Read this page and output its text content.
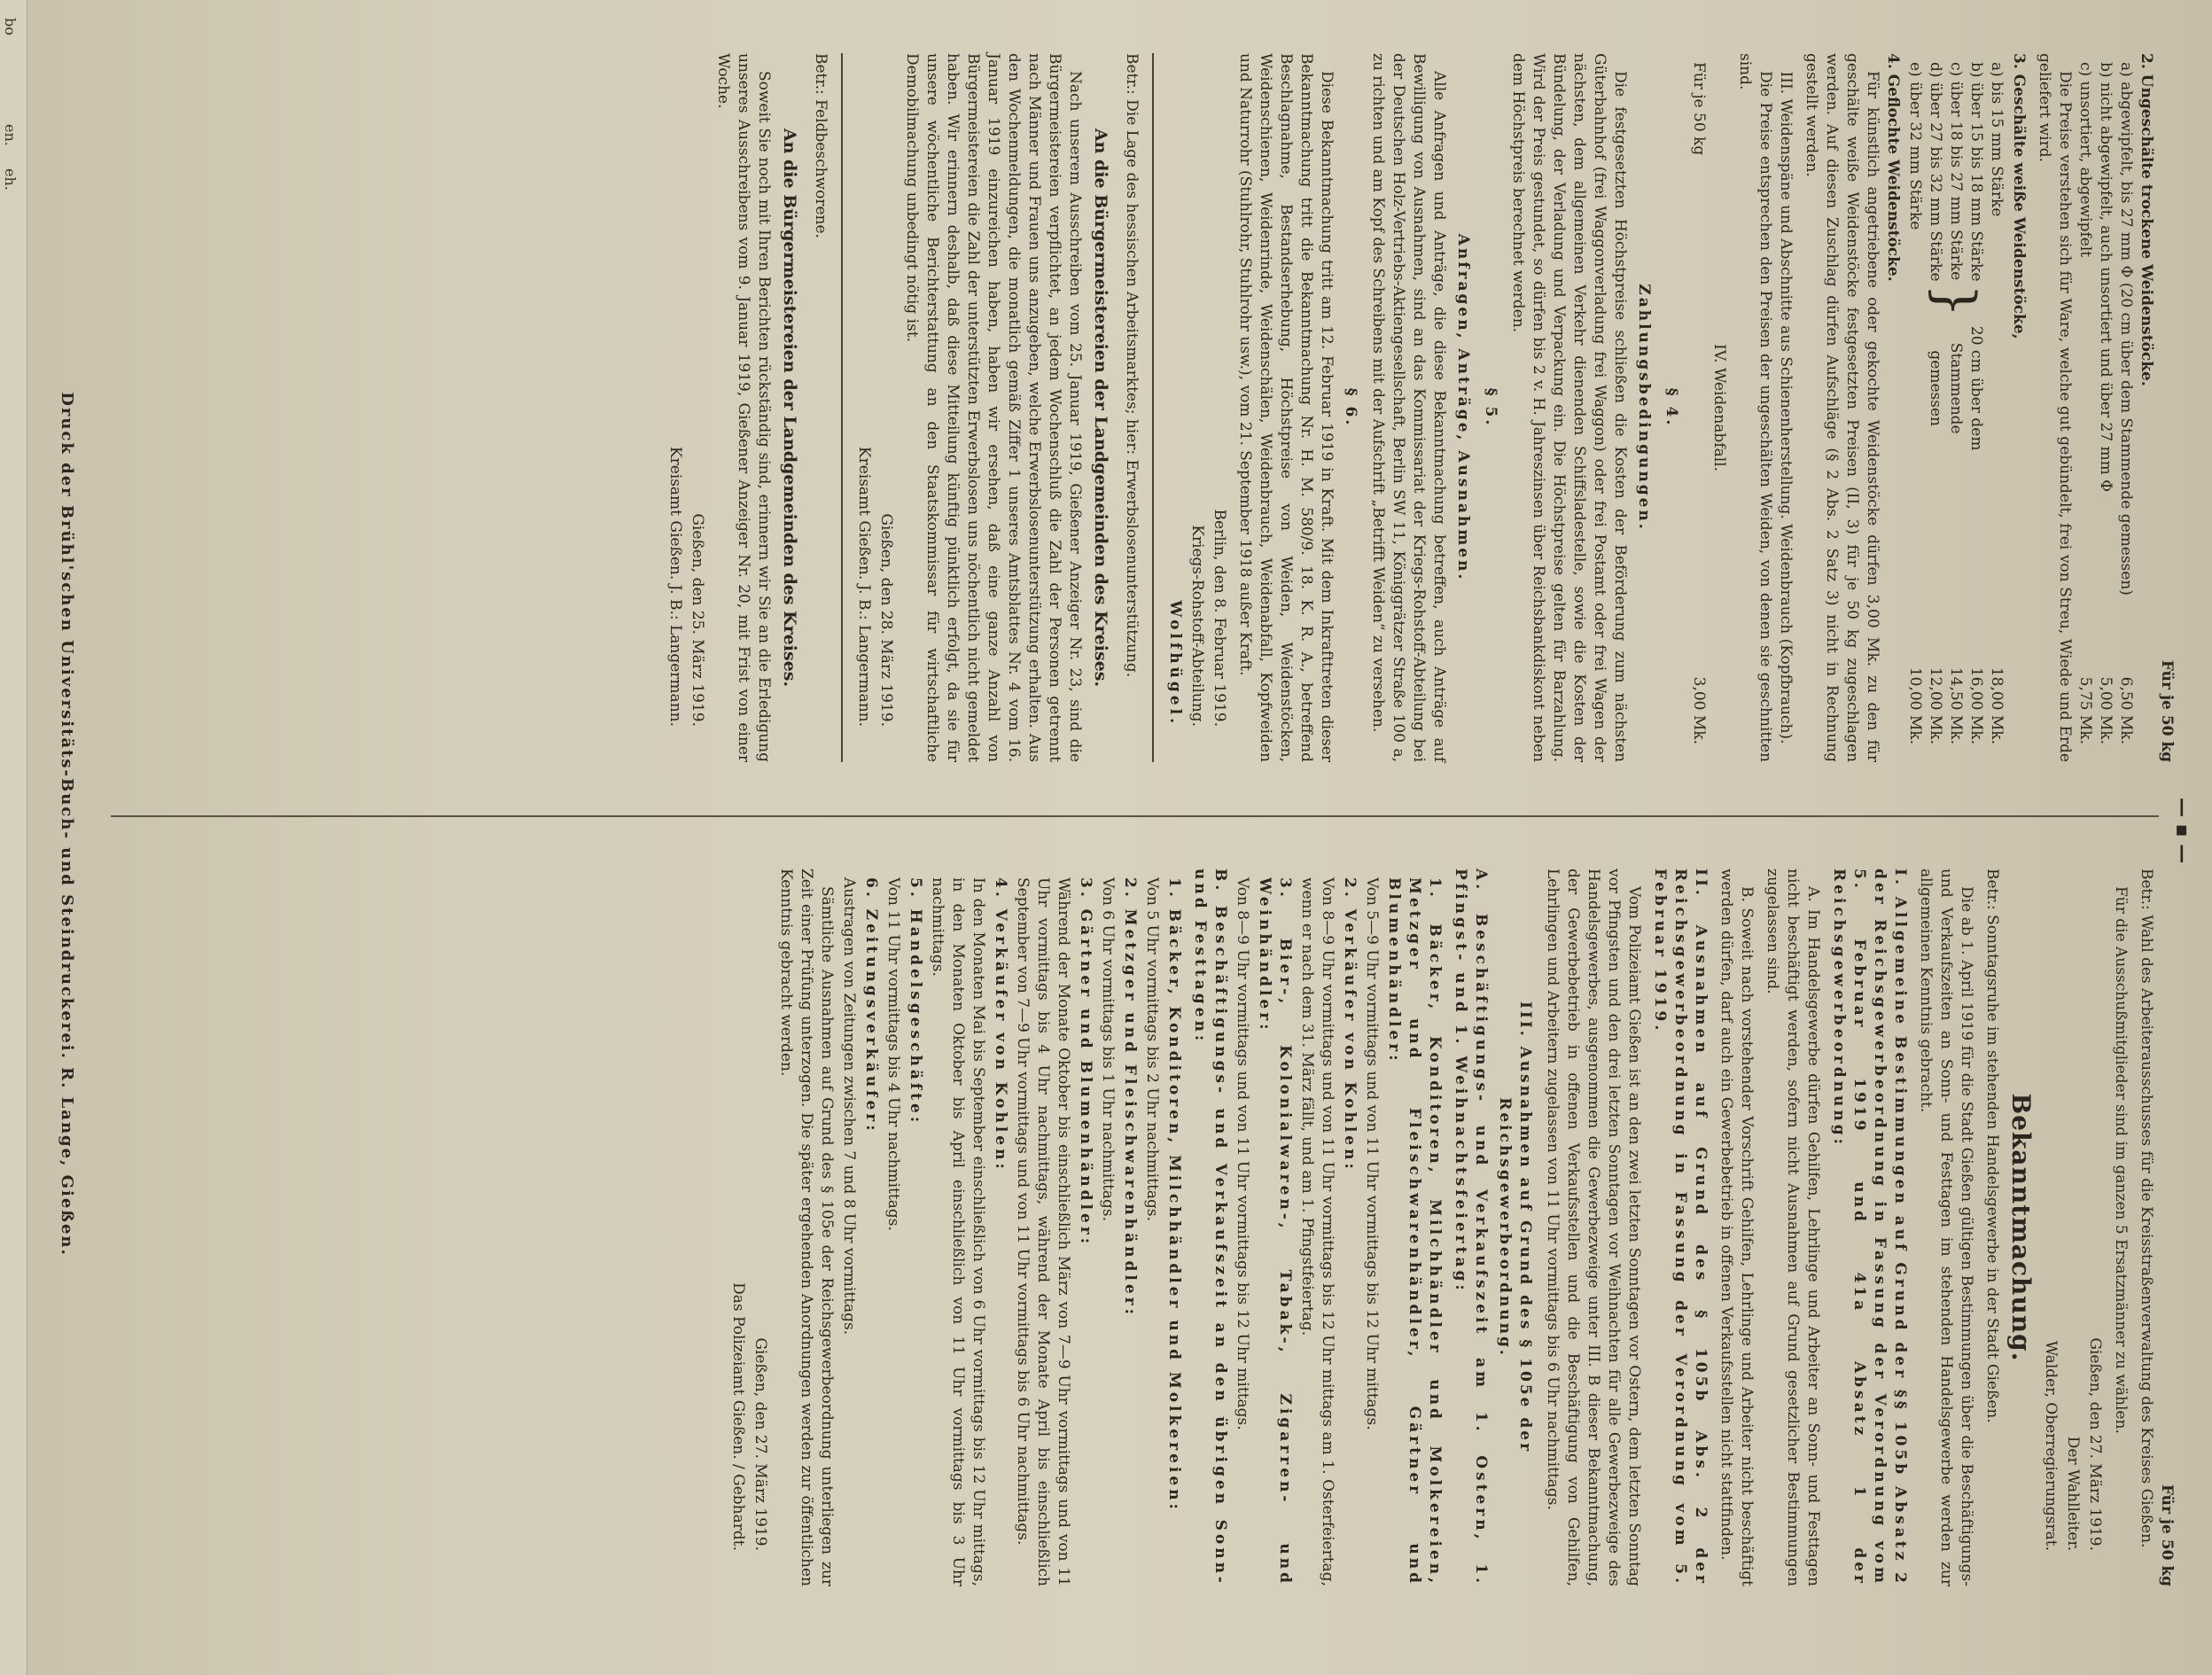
bo
en.
eh.
— ▪ —
Für je 50 kg
2. Ungeschälte trockene Weidenstöcke.
a) abgewipfelt, bis 27 mm Φ (20 cm über dem Stammende gemessen)
6,50 Mk.
b) nicht abgewipfelt, auch unsortiert und über 27 mm Φ
5,00 Mk.
c) unsortiert, abgewipfelt
5,75 Mk.

Die Preise verstehen sich für Ware, welche gut gebündelt, frei von Streu, Wiede und Erde geliefert wird.

3. Geschälte weiße Weidenstöcke,
a) bis 15 mm Stärke
b) über 15 bis 18 mm Stärke
c) über 18 bis 27 mm Stärke
d) über 27 bis 32 mm Stärke
e) über 32 mm Stärke
}
20 cm über dem Stammende gemessen
18,00 Mk.
16,00 Mk.
14,50 Mk.
12,00 Mk.
10,00 Mk.
4. Geflochte Weidenstöcke.

Für künstlich angetriebene oder gekochte Weidenstöcke dürfen 3,00 Mk. zu den für geschälte weiße Weidenstöcke festgesetzten Preisen (II, 3) für je 50 kg zugeschlagen werden. Auf diesen Zuschlag dürfen Aufschläge (§ 2 Abs. 2 Satz 3) nicht in Rechnung gestellt werden.

III. Weidenspäne und Abschnitte aus Schienenherstellung. Weidenbrauch (Kopfbrauch).

Die Preise entsprechen den Preisen der ungeschälten Weiden, von denen sie geschnitten sind.

IV. Weidenabfall.
Für je 50 kg
3,00 Mk.
§ 4.
Zahlungsbedingungen.

Die festgesetzten Höchstpreise schließen die Kosten der Beförderung zum nächsten Güterbahnhof (frei Waggonverladung frei Waggon) oder frei Postamt oder frei Wagen der nächsten, dem allgemeinen Verkehr dienenden Schiffsladestelle, sowie die Kosten der Bündelung, der Verladung und Verpackung ein. Die Höchstpreise gelten für Barzahlung. Wird der Preis gestundet, so dürfen bis 2 v. H. Jahreszinsen über Reichsbankdiskont neben dem Höchstpreis berechnet werden.

§ 5.
Anfragen, Anträge, Ausnahmen.

Alle Anfragen und Anträge, die diese Bekanntmachung betreffen, auch Anträge auf Bewilligung von Ausnahmen, sind an das Kommissariat der Kriegs-Rohstoff-Abteilung bei der Deutschen Holz-Vertriebs-Aktiengesellschaft, Berlin SW 11, Königgrätzer Straße 100 a, zu richten und am Kopf des Schreibens mit der Aufschrift „Betrifft Weiden“ zu versehen.

§ 6.

Diese Bekanntmachung tritt am 12. Februar 1919 in Kraft. Mit dem Inkrafttreten dieser Bekanntmachung tritt die Bekanntmachung Nr. H. M. 580/9. 18. K. R. A., betreffend Beschlagnahme, Bestandserhebung, Höchstpreise von Weiden, Weidenstöcken, Weidenschienen, Weidenrinde, Weidenschälen, Weidenbrauch, Weidenabfall, Kopfweiden und Naturrohr (Stuhlrohr, Stuhlrohr usw.), vom 21. September 1918 außer Kraft.

Berlin, den 8. Februar 1919.
Kriegs-Rohstoff-Abteilung.
Wolfhügel.

Betr.: Die Lage des hessischen Arbeitsmarktes; hier: Erwerbslosenunterstützung.

An die Bürgermeistereien der Landgemeinden des Kreises.

Nach unserem Ausschreiben vom 25. Januar 1919, Gießener Anzeiger Nr. 23, sind die Bürgermeistereien verpflichtet, an jedem Wochenschluß die Zahl der Personen getrennt nach Männer und Frauen uns anzugeben, welche Erwerbslosenunterstützung erhalten. Aus den Wochenmeldungen, die monatlich gemäß Ziffer 1 unseres Amtsblattes Nr. 4 vom 16. Januar 1919 einzureichen haben, haben wir ersehen, daß eine ganze Anzahl von Bürgermeistereien die Zahl der unterstützten Erwerbslosen uns nöchentlich nicht gemeldet haben. Wir erinnern deshalb, daß diese Mitteilung künftig pünktlich erfolgt, da sie für unsere wöchentliche Berichterstattung an den Staatskommissar für wirtschaftliche Demobilmachung unbedingt nötig ist.

Gießen, den 28. März 1919.
Kreisamt Gießen. J. B.: Langermann.

Betr.: Feldbeschworene.

An die Bürgermeistereien der Landgemeinden des Kreises.

Soweit Sie noch mit Ihren Berichten rückständig sind, erinnern wir Sie an die Erledigung unseres Ausschreibens vom 9. Januar 1919, Gießener Anzeiger Nr. 20, mit Frist von einer Woche.

Gießen, den 25. März 1919.
Kreisamt Gießen. J. B.: Langermann.
Für je 50 kg

Betr.: Wahl des Arbeiterausschusses für die Kreisstraßenverwaltung des Kreises Gießen.

Für die Ausschußmitglieder sind im ganzen 5 Ersatzmänner zu wählen.

Gießen, den 27. März 1919.
Der Wahlleiter.
Walder, Oberregierungsrat.
Bekanntmachung.

Betr.: Sonntagsruhe im stehenden Handelsgewerbe in der Stadt Gießen.

Die ab 1. April 1919 für die Stadt Gießen gültigen Bestimmungen über die Beschäftigungs- und Verkaufszeiten an Sonn- und Festtagen im stehenden Handelsgewerbe werden zur allgemeinen Kenntnis gebracht.

I. Allgemeine Bestimmungen auf Grund der §§ 105b Absatz 2 der Reichsgewerbeordnung in Fassung der Verordnung vom 5. Februar 1919 und 41a Absatz 1 der Reichsgewerbeordnung:

A. Im Handelsgewerbe dürfen Gehilfen, Lehrlinge und Arbeiter an Sonn- und Festtagen nicht beschäftigt werden, sofern nicht Ausnahmen auf Grund gesetzlicher Bestimmungen zugelassen sind.

B. Soweit nach vorstehender Vorschrift Gehilfen, Lehrlinge und Arbeiter nicht beschäftigt werden dürfen, darf auch ein Gewerbebetrieb in offenen Verkaufsstellen nicht stattfinden.

II. Ausnahmen auf Grund des § 105b Abs. 2 der Reichsgewerbeordnung in Fassung der Verordnung vom 5. Februar 1919.

Vom Polizeiamt Gießen ist an den zwei letzten Sonntagen vor Ostern, dem letzten Sonntag vor Pfingsten und den drei letzten Sonntagen vor Weihnachten für alle Gewerbezweige des Handelsgewerbes, ausgenommen die Gewerbezweige unter III. B dieser Bekanntmachung, der Gewerbebetrieb in offenen Verkaufsstellen und die Beschäftigung von Gehilfen, Lehrlingen und Arbeitern zugelassen von 11 Uhr vormittags bis 6 Uhr nachmittags.

III. Ausnahmen auf Grund des § 105e der Reichsgewerbeordnung.

A. Beschäftigungs- und Verkaufszeit am 1. Ostern, 1. Pfingst- und 1. Weihnachtsfeiertag:

1. Bäcker, Konditoren, Milchhändler und Molkereien, Metzger und Fleischwarenhändler, Gärtner und Blumenhändler:

Von 5—9 Uhr vormittags und von 11 Uhr vormittags bis 12 Uhr mittags.

2. Verkäufer von Kohlen:

Von 8—9 Uhr vormittags und von 11 Uhr vormittags bis 12 Uhr mittags am 1. Osterfeiertag, wenn er nach dem 31. März fällt, und am 1. Pfingstfeiertag.

3. Bier-, Kolonialwaren-, Tabak-, Zigarren- und Weinhändler:

Von 8—9 Uhr vormittags und von 11 Uhr vormittags bis 12 Uhr mittags.

B. Beschäftigungs- und Verkaufszeit an den übrigen Sonn- und Festtagen:

1. Bäcker, Konditoren, Milchhändler und Molkereien:

Von 5 Uhr vormittags bis 2 Uhr nachmittags.

2. Metzger und Fleischwarenhändler:

Von 6 Uhr vormittags bis 1 Uhr nachmittags.

3. Gärtner und Blumenhändler:

Während der Monate Oktober bis einschließlich März von 7—9 Uhr vormittags und von 11 Uhr vormittags bis 4 Uhr nachmittags, während der Monate April bis einschließlich September von 7—9 Uhr vormittags und von 11 Uhr vormittags bis 6 Uhr nachmittags.

4. Verkäufer von Kohlen:

In den Monaten Mai bis September einschließlich von 6 Uhr vormittags bis 12 Uhr mittags, in den Monaten Oktober bis April einschließlich von 11 Uhr vormittags bis 3 Uhr nachmittags.

5. Handelsgeschäfte:

Von 11 Uhr vormittags bis 4 Uhr nachmittags.

6. Zeitungsverkäufer:

Austragen von Zeitungen zwischen 7 und 8 Uhr vormittags.

Sämtliche Ausnahmen auf Grund des § 105e der Reichsgewerbeordnung unterliegen zur Zeit einer Prüfung unterzogen. Die später ergehenden Anordnungen werden zur öffentlichen Kenntnis gebracht werden.

Gießen, den 27. März 1919.
Das Polizeiamt Gießen. / Gebhardt.
Druck der Brühl'schen Universitäts-Buch- und Steindruckerei. R. Lange, Gießen.
